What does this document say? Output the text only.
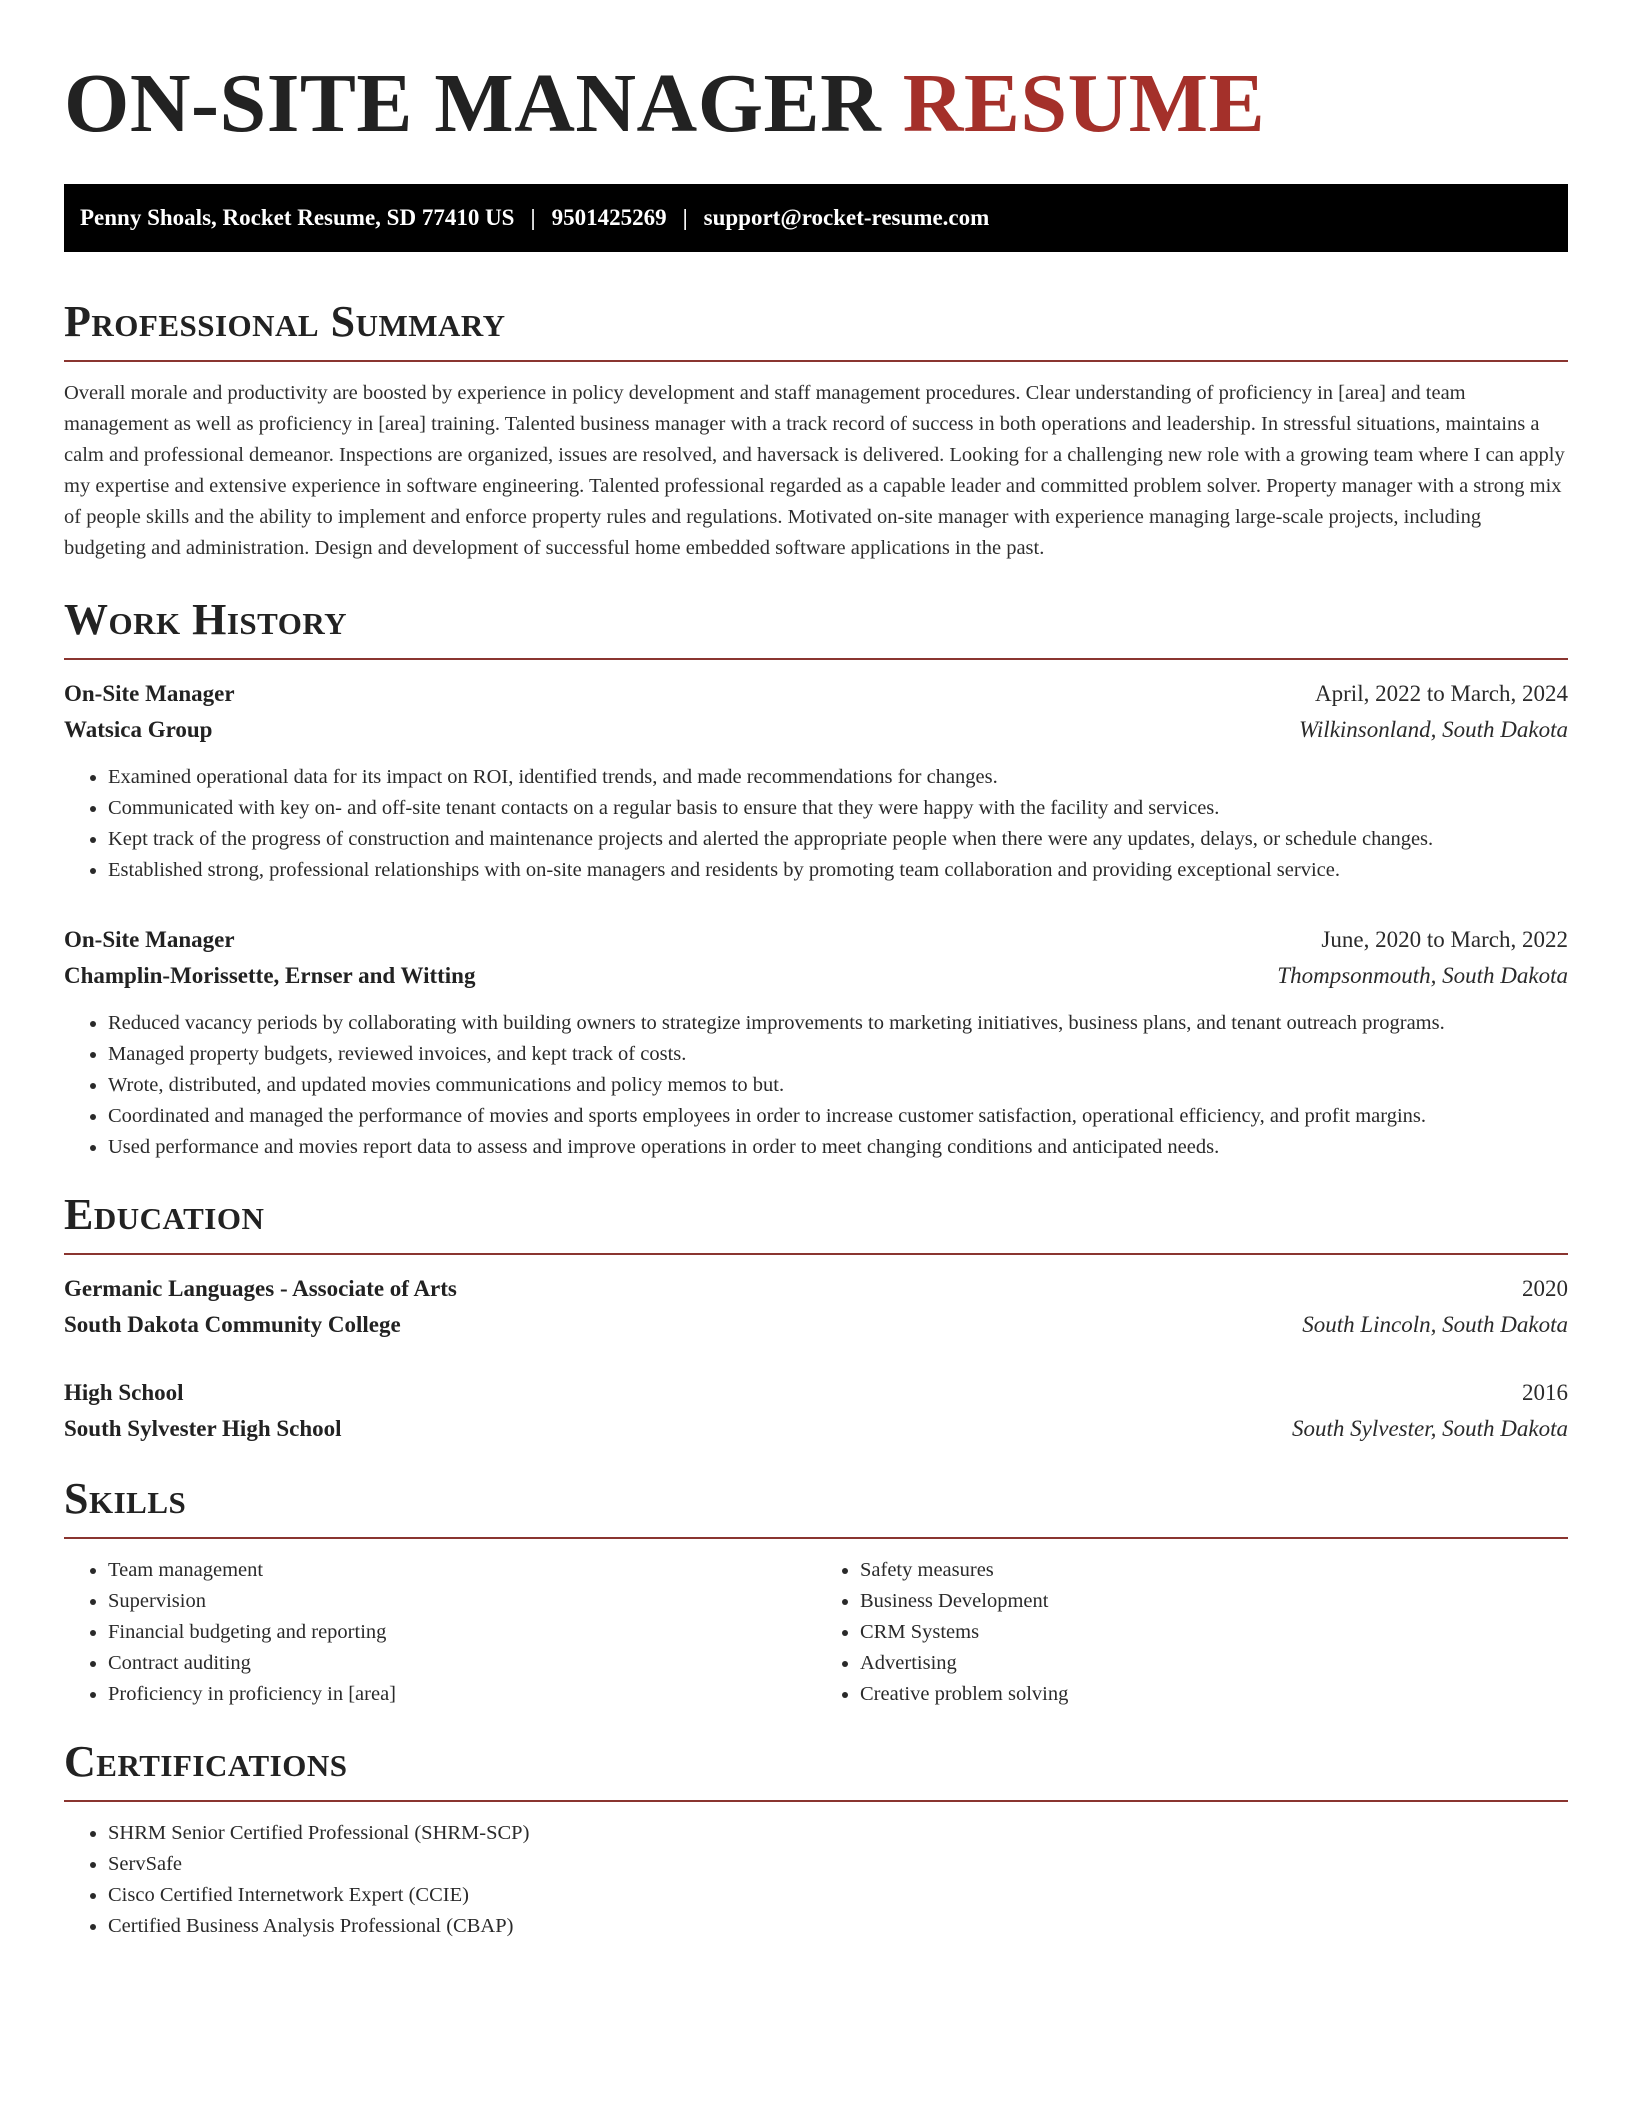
ON-SITE MANAGER RESUME
Penny Shoals, Rocket Resume, SD 77410 US | 9501425269 | support@rocket-resume.com
Professional Summary

Overall morale and productivity are boosted by experience in policy development and staff management procedures. Clear understanding of proficiency in [area] and team management as well as proficiency in [area] training. Talented business manager with a track record of success in both operations and leadership. In stressful situations, maintains a calm and professional demeanor. Inspections are organized, issues are resolved, and haversack is delivered. Looking for a challenging new role with a growing team where I can apply my expertise and extensive experience in software engineering. Talented professional regarded as a capable leader and committed problem solver. Property manager with a strong mix of people skills and the ability to implement and enforce property rules and regulations. Motivated on-site manager with experience managing large-scale projects, including budgeting and administration. Design and development of successful home embedded software applications in the past.

Work History
On-Site Manager	April, 2022 to March, 2024
Watsica Group	Wilkinsonland, South Dakota
• Examined operational data for its impact on ROI, identified trends, and made recommendations for changes.
• Communicated with key on- and off-site tenant contacts on a regular basis to ensure that they were happy with the facility and services.
• Kept track of the progress of construction and maintenance projects and alerted the appropriate people when there were any updates, delays, or schedule changes.
• Established strong, professional relationships with on-site managers and residents by promoting team collaboration and providing exceptional service.
On-Site Manager	June, 2020 to March, 2022
Champlin-Morissette, Ernser and Witting	Thompsonmouth, South Dakota
• Reduced vacancy periods by collaborating with building owners to strategize improvements to marketing initiatives, business plans, and tenant outreach programs.
• Managed property budgets, reviewed invoices, and kept track of costs.
• Wrote, distributed, and updated movies communications and policy memos to but.
• Coordinated and managed the performance of movies and sports employees in order to increase customer satisfaction, operational efficiency, and profit margins.
• Used performance and movies report data to assess and improve operations in order to meet changing conditions and anticipated needs.
Education
Germanic Languages - Associate of Arts	2020
South Dakota Community College	South Lincoln, South Dakota
High School	2016
South Sylvester High School	South Sylvester, South Dakota
Skills
• Team management
• Supervision
• Financial budgeting and reporting
• Contract auditing
• Proficiency in proficiency in [area]
• Safety measures
• Business Development
• CRM Systems
• Advertising
• Creative problem solving
Certifications
• SHRM Senior Certified Professional (SHRM-SCP)
• ServSafe
• Cisco Certified Internetwork Expert (CCIE)
• Certified Business Analysis Professional (CBAP)
